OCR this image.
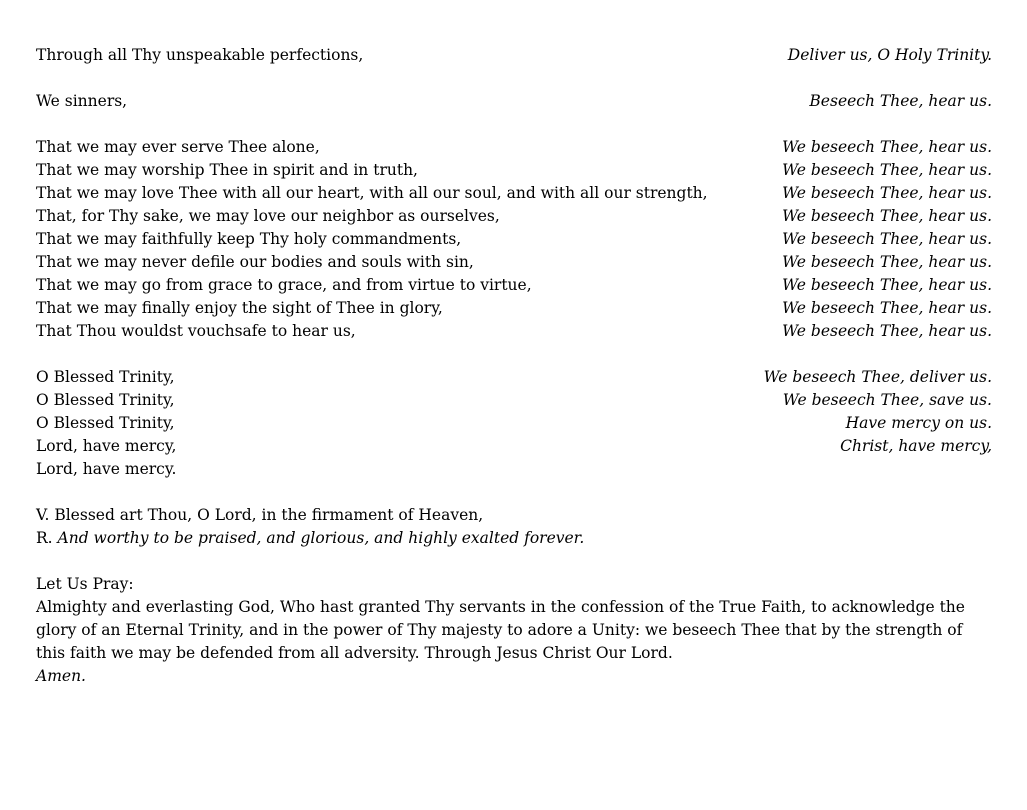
Through all Thy unspeakable perfections,	Deliver us, O Holy Trinity.
We sinners,	Beseech Thee, hear us.
That we may ever serve Thee alone,	We beseech Thee, hear us.
That we may worship Thee in spirit and in truth,	We beseech Thee, hear us.
That we may love Thee with all our heart, with all our soul, and with all our strength,	We beseech Thee, hear us.
That, for Thy sake, we may love our neighbor as ourselves,	We beseech Thee, hear us.
That we may faithfully keep Thy holy commandments,	We beseech Thee, hear us.
That we may never defile our bodies and souls with sin,	We beseech Thee, hear us.
That we may go from grace to grace, and from virtue to virtue,	We beseech Thee, hear us.
That we may finally enjoy the sight of Thee in glory,	We beseech Thee, hear us.
That Thou wouldst vouchsafe to hear us,	We beseech Thee, hear us.
O Blessed Trinity,	We beseech Thee, deliver us.
O Blessed Trinity,	We beseech Thee, save us.
O Blessed Trinity,	Have mercy on us.
Lord, have mercy,	Christ, have mercy,
Lord, have mercy.
V. Blessed art Thou, O Lord, in the firmament of Heaven,
R. And worthy to be praised, and glorious, and highly exalted forever.
Let Us Pray:
Almighty and everlasting God, Who hast granted Thy servants in the confession of the True Faith, to acknowledge the glory of an Eternal Trinity, and in the power of Thy majesty to adore a Unity: we beseech Thee that by the strength of this faith we may be defended from all adversity. Through Jesus Christ Our Lord.
Amen.
